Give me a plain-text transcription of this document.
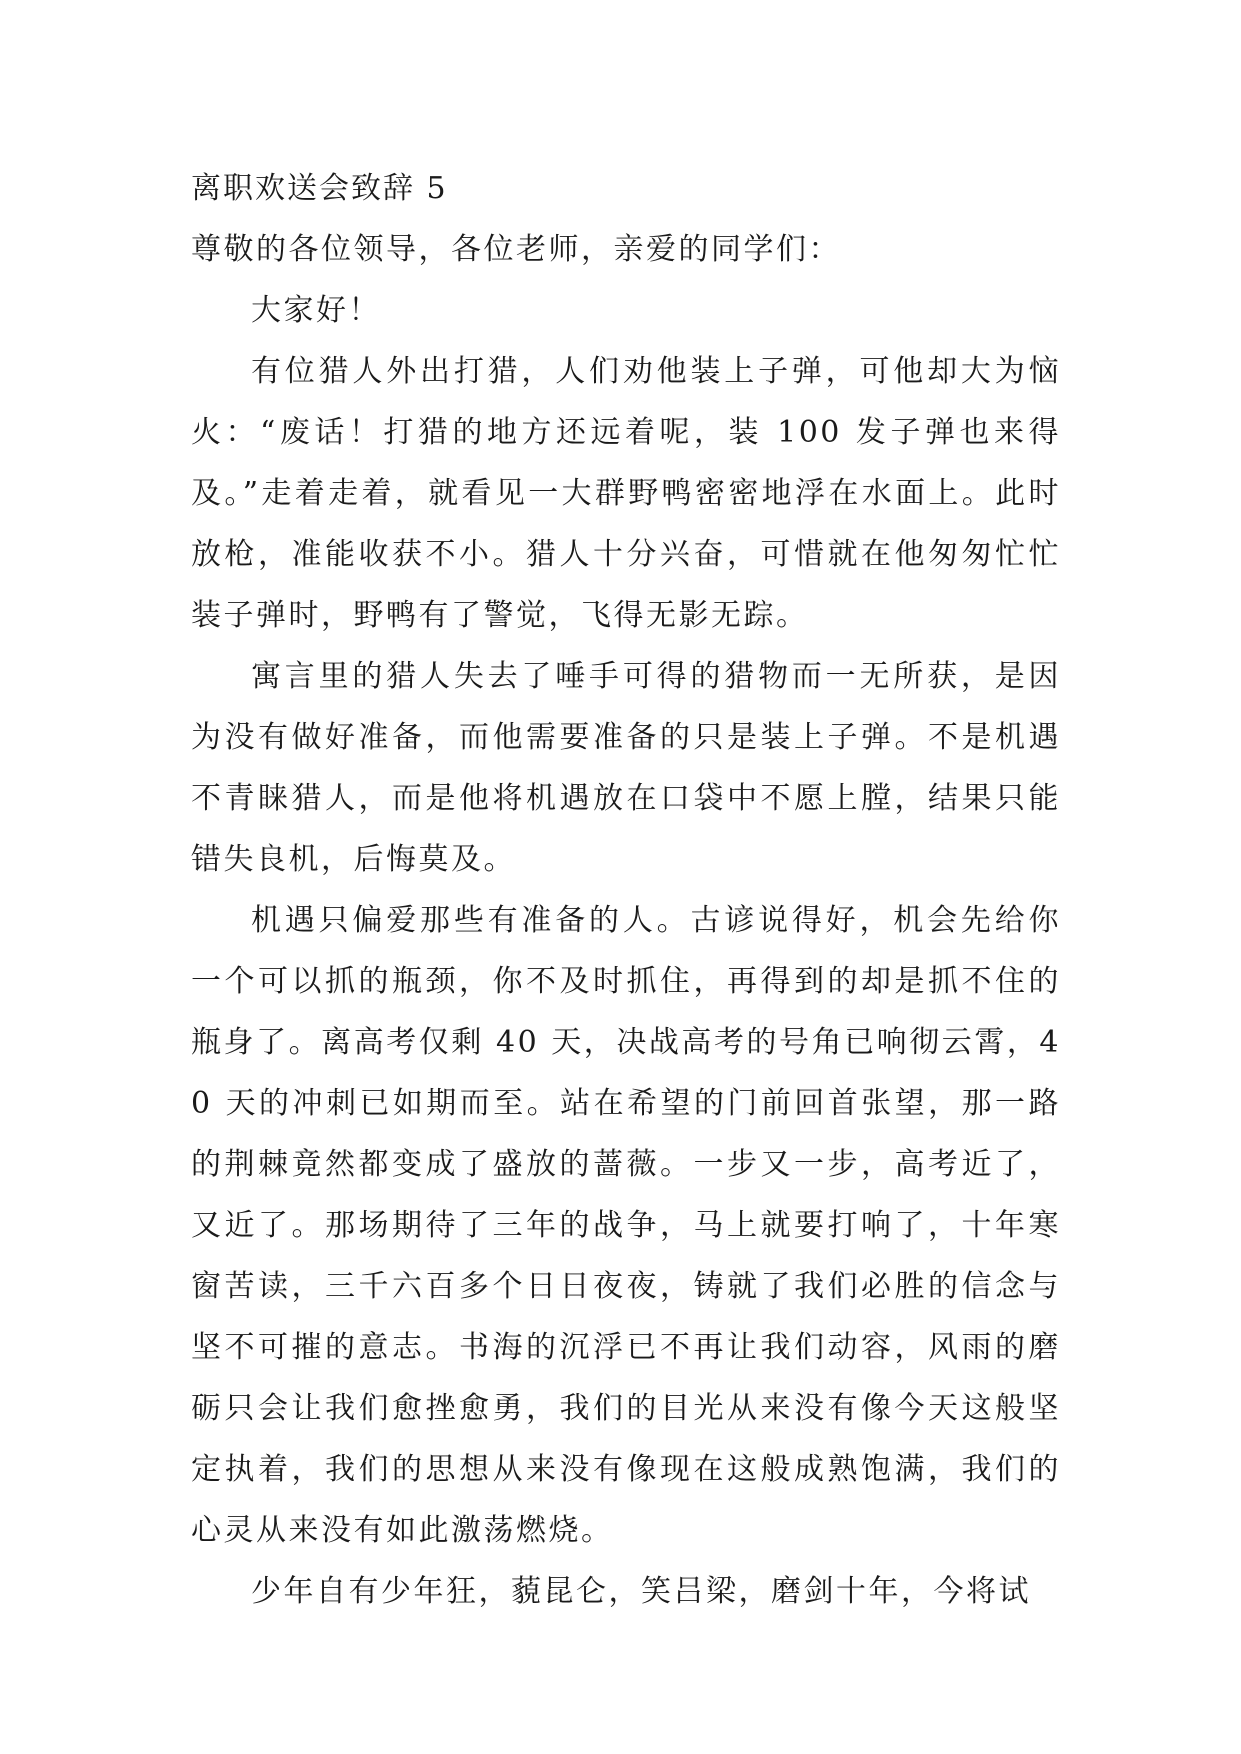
离职欢送会致辞 5

尊敬的各位领导，各位老师，亲爱的同学们：

大家好！

有位猎人外出打猎，人们劝他装上子弹，可他却大为恼火：“废话！打猎的地方还远着呢，装 100 发子弹也来得及。”走着走着，就看见一大群野鸭密密地浮在水面上。此时放枪，准能收获不小。猎人十分兴奋，可惜就在他匆匆忙忙装子弹时，野鸭有了警觉，飞得无影无踪。

寓言里的猎人失去了唾手可得的猎物而一无所获，是因为没有做好准备，而他需要准备的只是装上子弹。不是机遇不青睐猎人，而是他将机遇放在口袋中不愿上膛，结果只能错失良机，后悔莫及。

机遇只偏爱那些有准备的人。古谚说得好，机会先给你一个可以抓的瓶颈，你不及时抓住，再得到的却是抓不住的瓶身了。离高考仅剩 40 天，决战高考的号角已响彻云霄，40 天的冲刺已如期而至。站在希望的门前回首张望，那一路的荆棘竟然都变成了盛放的蔷薇。一步又一步，高考近了，又近了。那场期待了三年的战争，马上就要打响了，十年寒窗苦读，三千六百多个日日夜夜，铸就了我们必胜的信念与坚不可摧的意志。书海的沉浮已不再让我们动容，风雨的磨砺只会让我们愈挫愈勇，我们的目光从来没有像今天这般坚定执着，我们的思想从来没有像现在这般成熟饱满，我们的心灵从来没有如此激荡燃烧。

少年自有少年狂，藐昆仑，笑吕梁，磨剑十年，今将试
